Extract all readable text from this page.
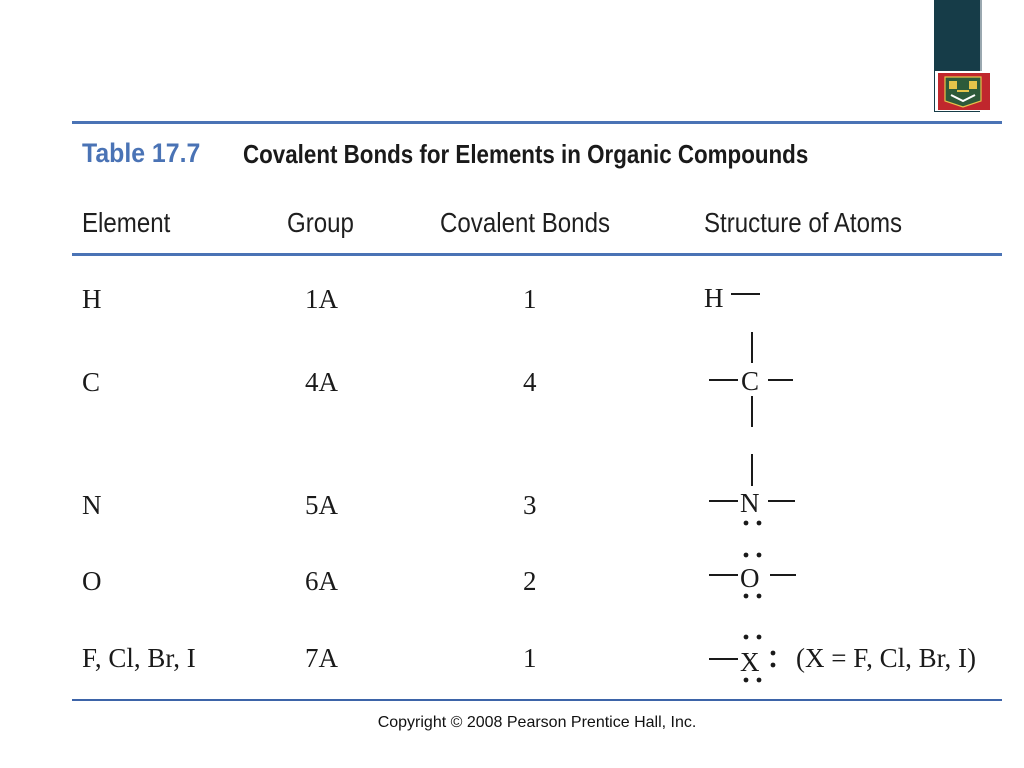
Table 17.7 Covalent Bonds for Elements in Organic Compounds
Element	Group	Covalent Bonds	Structure of Atoms
H	1A	1	H
C	4A	4	C
N	5A	3	N
O	6A	2	O
F, Cl, Br, I	7A	1	X (X = F, Cl, Br, I)
Copyright © 2008 Pearson Prentice Hall, Inc.
